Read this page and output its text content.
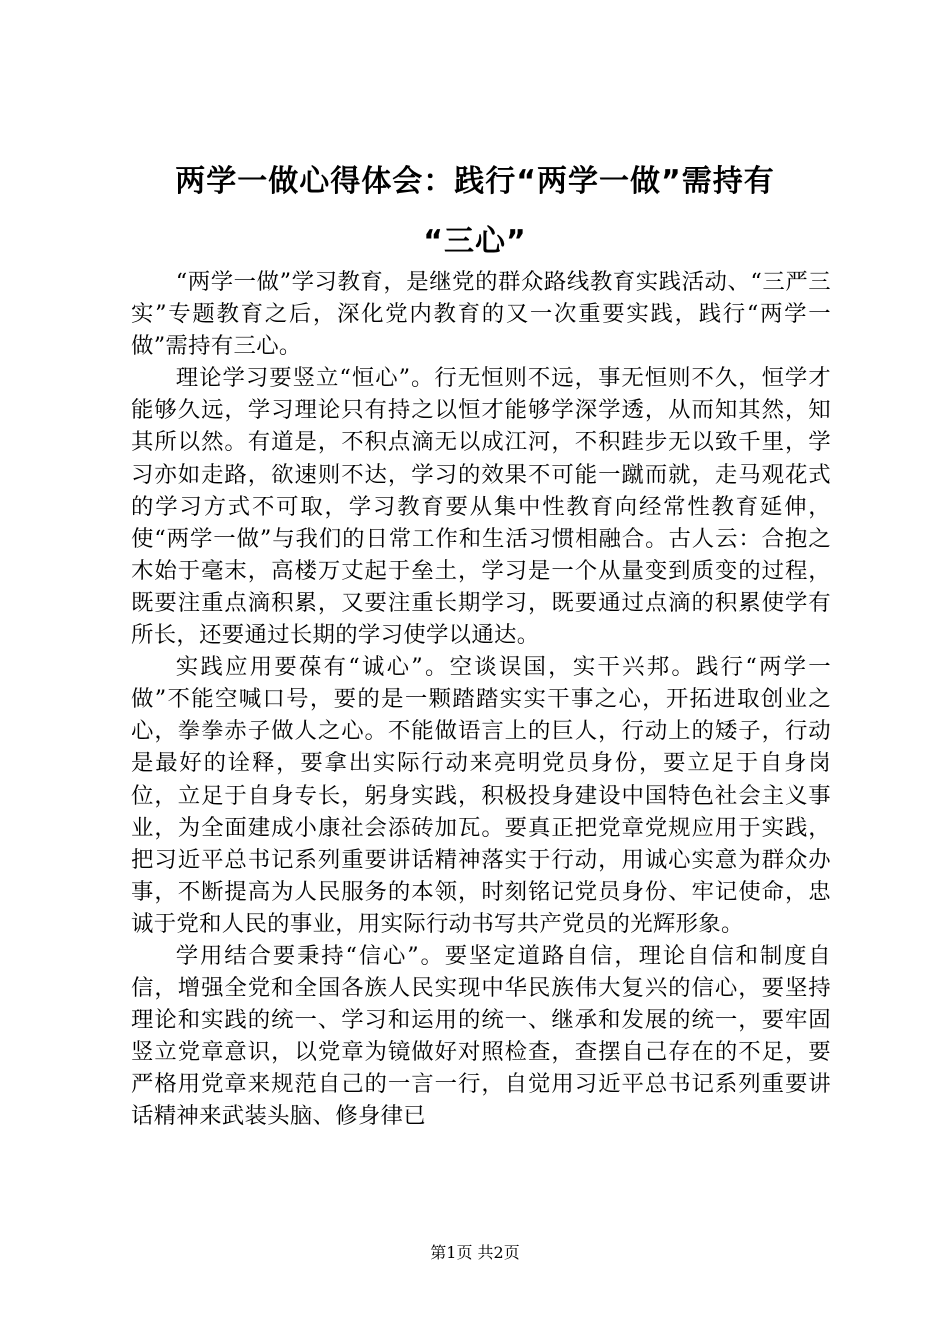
两学一做心得体会：践行“两学一做”需持有
“三心”

“两学一做”学习教育，是继党的群众路线教育实践活动、“三严三实”专题教育之后，深化党内教育的又一次重要实践，践行“两学一做”需持有三心。

理论学习要竖立“恒心”。行无恒则不远，事无恒则不久，恒学才能够久远，学习理论只有持之以恒才能够学深学透，从而知其然，知其所以然。有道是，不积点滴无以成江河，不积跬步无以致千里，学习亦如走路，欲速则不达，学习的效果不可能一蹴而就，走马观花式的学习方式不可取，学习教育要从集中性教育向经常性教育延伸，使“两学一做”与我们的日常工作和生活习惯相融合。古人云：合抱之木始于毫末，高楼万丈起于垒土，学习是一个从量变到质变的过程，既要注重点滴积累，又要注重长期学习，既要通过点滴的积累使学有所长，还要通过长期的学习使学以通达。

实践应用要葆有“诚心”。空谈误国，实干兴邦。践行“两学一做”不能空喊口号，要的是一颗踏踏实实干事之心，开拓进取创业之心，拳拳赤子做人之心。不能做语言上的巨人，行动上的矮子，行动是最好的诠释，要拿出实际行动来亮明党员身份，要立足于自身岗位，立足于自身专长，躬身实践，积极投身建设中国特色社会主义事业，为全面建成小康社会添砖加瓦。要真正把党章党规应用于实践，把习近平总书记系列重要讲话精神落实于行动，用诚心实意为群众办事，不断提高为人民服务的本领，时刻铭记党员身份、牢记使命，忠诚于党和人民的事业，用实际行动书写共产党员的光辉形象。

学用结合要秉持“信心”。要坚定道路自信，理论自信和制度自信，增强全党和全国各族人民实现中华民族伟大复兴的信心，要坚持理论和实践的统一、学习和运用的统一、继承和发展的统一，要牢固竖立党章意识，以党章为镜做好对照检查，查摆自己存在的不足，要严格用党章来规范自己的一言一行，自觉用习近平总书记系列重要讲话精神来武装头脑、修身律已

第1页 共2页
